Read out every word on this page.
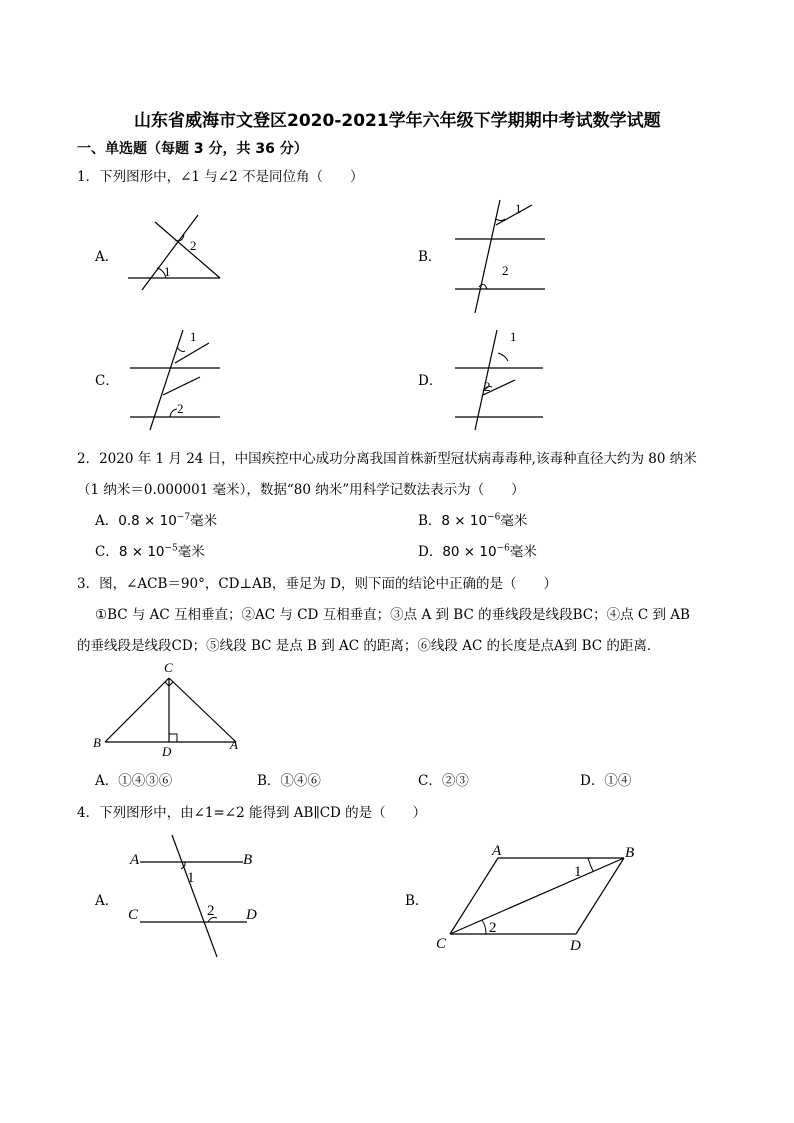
山东省威海市文登区2020-2021学年六年级下学期期中考试数学试题
一、单选题（每题 3 分，共 36 分）
1．下列图形中，∠1 与∠2 不是同位角（　　）
A．
2
1
B．
1
2
C．
1
2
D．
1
2
2．2020 年 1 月 24 日，中国疾控中心成功分离我国首株新型冠状病毒毒种,该毒种直径大约为 80 纳米
（1 纳米＝0.000001 毫米），数据“80 纳米”用科学记数法表示为（　　）
A．$0.8 \times 10^{-7}$毫米	B．$8 \times 10^{-6}$毫米
C．$8 \times 10^{-5}$毫米	D．$80 \times 10^{-6}$毫米
3．图，∠ACB＝90°，CD⊥AB，垂足为 D，则下面的结论中正确的是（　　）
①BC 与 AC 互相垂直；②AC 与 CD 互相垂直；③点 A 到 BC 的垂线段是线段BC；④点 C 到 AB
的垂线段是线段CD；⑤线段 BC 是点 B 到 AC 的距离；⑥线段 AC 的长度是点A到 BC 的距离．
C
B
D	A
A．①④③⑥	B．①④⑥	C．②③	D．①④
4．下列图形中，由∠1=∠2 能得到 AB∥CD 的是（　　）
A．
A	B
C	D
1
2
B．
A	B
C	D
1
2
